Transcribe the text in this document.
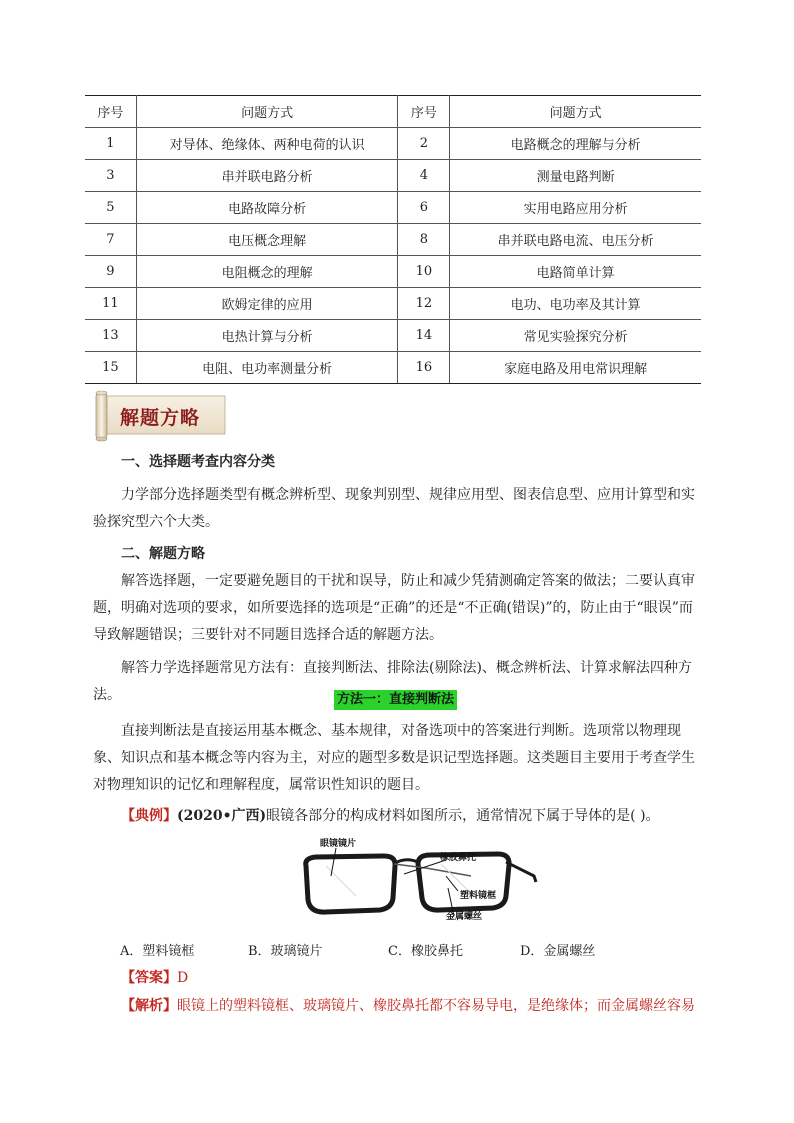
序号	问题方式	序号	问题方式
1	对导体、绝缘体、两种电荷的认识	2	电路概念的理解与分析
3	串并联电路分析	4	测量电路判断
5	电路故障分析	6	实用电路应用分析
7	电压概念理解	8	串并联电路电流、电压分析
9	电阻概念的理解	10	电路简单计算
11	欧姆定律的应用	12	电功、电功率及其计算
13	电热计算与分析	14	常见实验探究分析
15	电阻、电功率测量分析	16	家庭电路及用电常识理解
解题方略
一、选择题考查内容分类
力学部分选择题类型有概念辨析型、现象判别型、规律应用型、图表信息型、应用计算型和实验探究型六个大类。
二、解题方略
解答选择题，一定要避免题目的干扰和误导，防止和减少凭猜测确定答案的做法；二要认真审题，明确对选项的要求，如所要选择的选项是“正确”的还是“不正确(错误)”的，防止由于“眼误”而导致解题错误；三要针对不同题目选择合适的解题方法。
解答力学选择题常见方法有：直接判断法、排除法(剔除法)、概念辨析法、计算求解法四种方法。	方法一：直接判断法
直接判断法是直接运用基本概念、基本规律，对备选项中的答案进行判断。选项常以物理现象、知识点和基本概念等内容为主，对应的题型多数是识记型选择题。这类题目主要用于考查学生对物理知识的记忆和理解程度，属常识性知识的题目。
【典例】(2020•广西)眼镜各部分的构成材料如图所示，通常情况下属于导体的是( )。
眼镜镜片
橡胶鼻托
塑料镜框
金属螺丝
A．塑料镜框	B．玻璃镜片	C．橡胶鼻托	D．金属螺丝
【答案】D
【解析】眼镜上的塑料镜框、玻璃镜片、橡胶鼻托都不容易导电，是绝缘体；而金属螺丝容易
